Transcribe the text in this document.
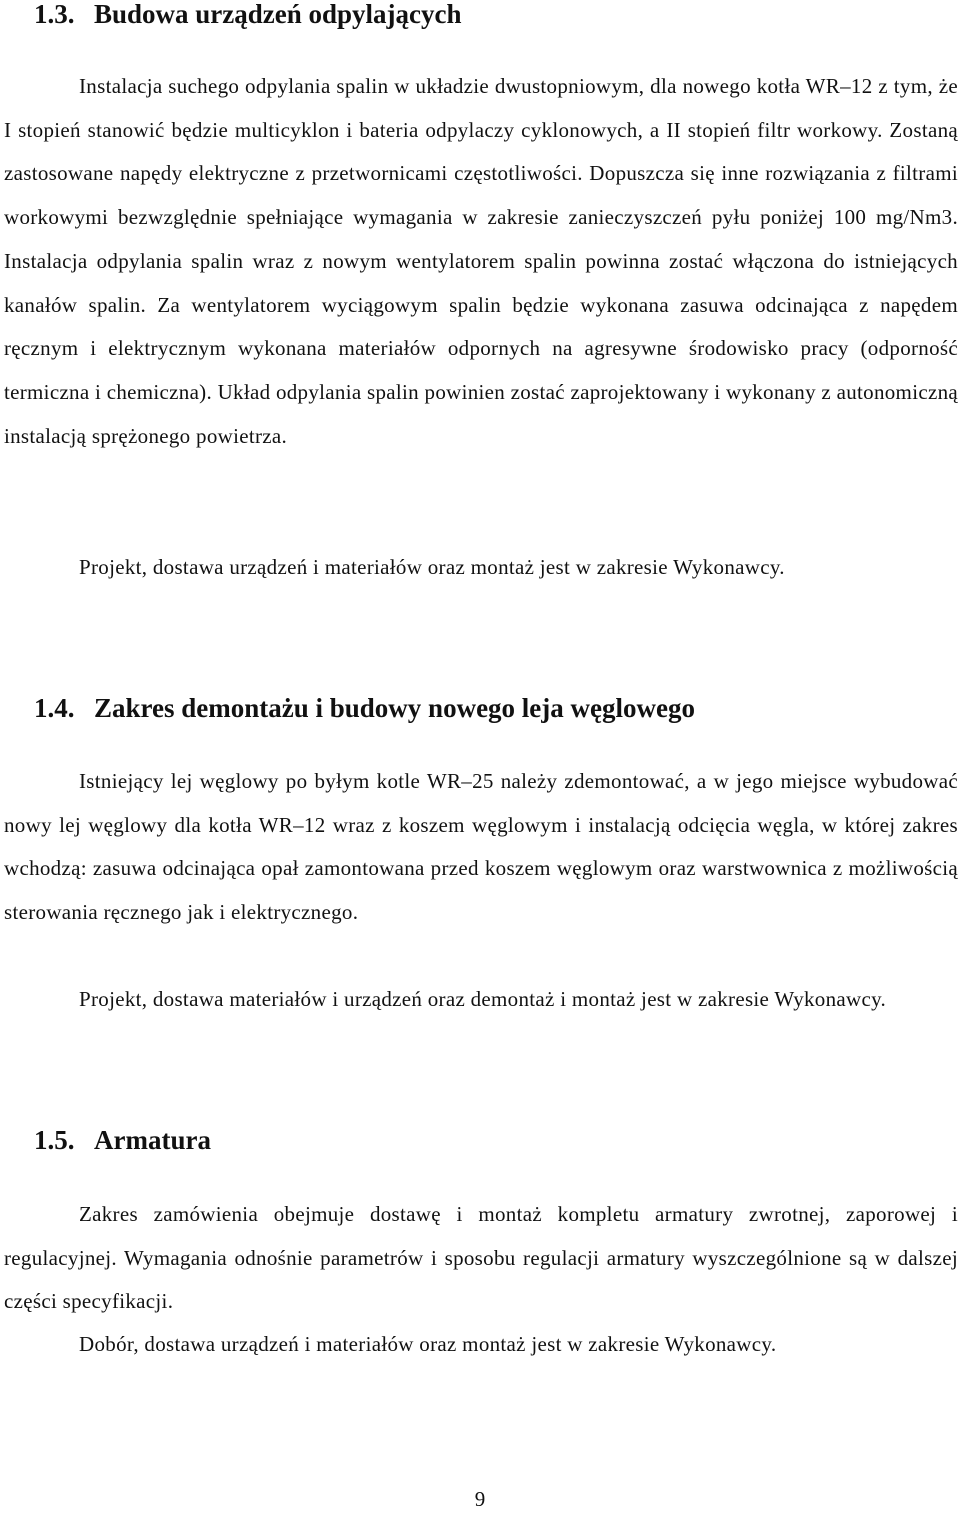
1.3. Budowa urządzeń odpylających

Instalacja suchego odpylania spalin w układzie dwustopniowym, dla nowego kotła WR–12 z tym, że I stopień stanowić będzie multicyklon i bateria odpylaczy cyklonowych, a II stopień filtr workowy. Zostaną zastosowane napędy elektryczne z przetwornicami częstotliwości. Dopuszcza się inne rozwiązania z filtrami workowymi bezwzględnie spełniające wymagania w zakresie zanieczyszczeń pyłu poniżej 100 mg/Nm3. Instalacja odpylania spalin wraz z nowym wentylatorem spalin powinna zostać włączona do istniejących kanałów spalin. Za wentylatorem wyciągowym spalin będzie wykonana zasuwa odcinająca z napędem ręcznym i elektrycznym wykonana materiałów odpornych na agresywne środowisko pracy (odporność termiczna i chemiczna). Układ odpylania spalin powinien zostać zaprojektowany i wykonany z autonomiczną instalacją sprężonego powietrza.

Projekt, dostawa urządzeń i materiałów oraz montaż jest w zakresie Wykonawcy.

1.4. Zakres demontażu i budowy nowego leja węglowego

Istniejący lej węglowy po byłym kotle WR–25 należy zdemontować, a w jego miejsce wybudować nowy lej węglowy dla kotła WR–12 wraz z koszem węglowym i instalacją odcięcia węgla, w której zakres wchodzą: zasuwa odcinająca opał zamontowana przed koszem węglowym oraz warstwownica z możliwością sterowania ręcznego jak i elektrycznego.

Projekt, dostawa materiałów i urządzeń oraz demontaż i montaż jest w zakresie Wykonawcy.

1.5. Armatura

Zakres zamówienia obejmuje dostawę i montaż kompletu armatury zwrotnej, zaporowej i regulacyjnej. Wymagania odnośnie parametrów i sposobu regulacji armatury wyszczególnione są w dalszej części specyfikacji.

Dobór, dostawa urządzeń i materiałów oraz montaż jest w zakresie Wykonawcy.

9
